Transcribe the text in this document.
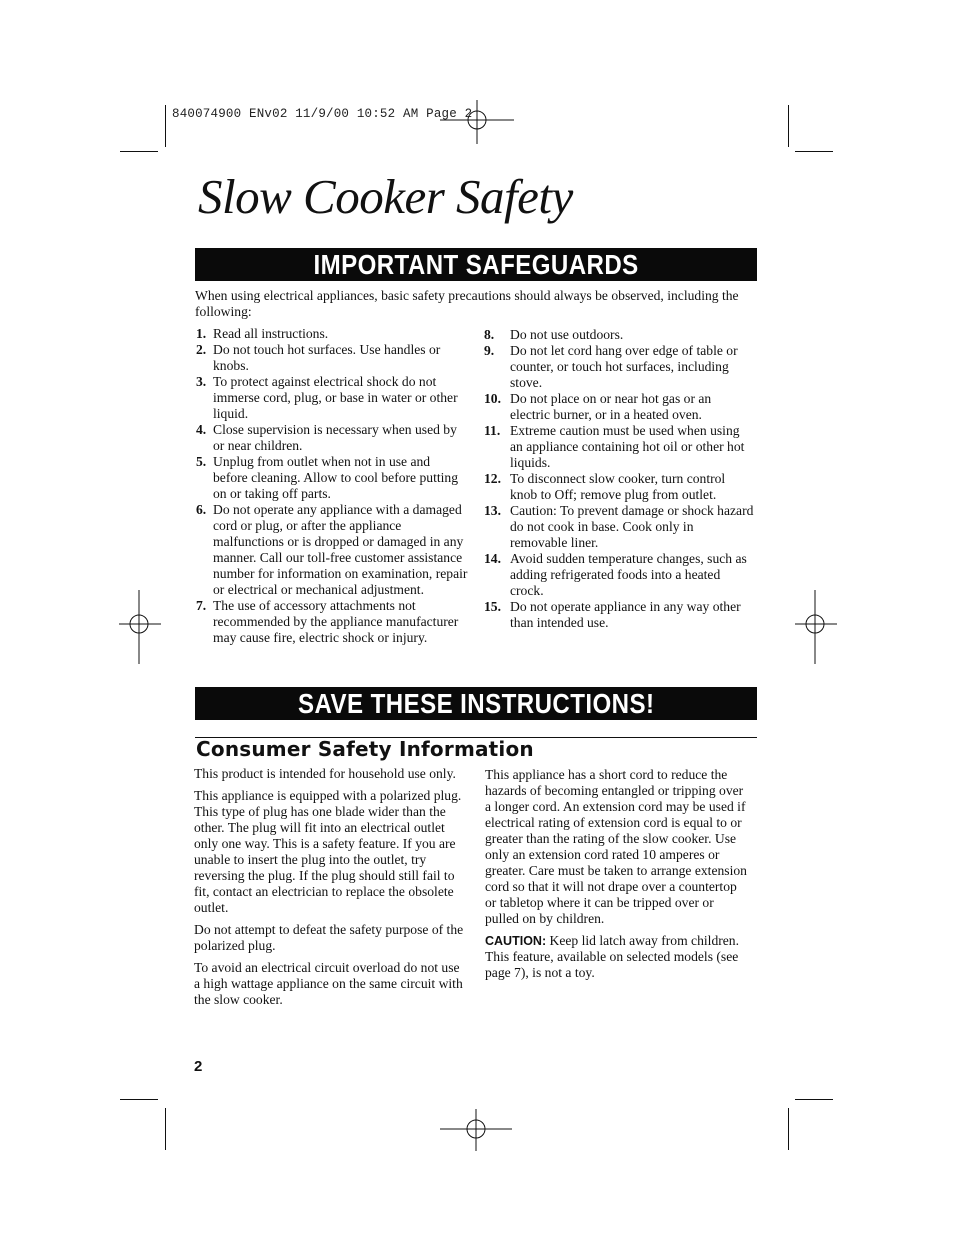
840074900 ENv02 11/9/00 10:52 AM Page 2
Slow Cooker Safety
IMPORTANT SAFEGUARDS
When using electrical appliances, basic safety precautions should always be observed, including the following:
1. Read all instructions.
2. Do not touch hot surfaces. Use handles or knobs.
3. To protect against electrical shock do not immerse cord, plug, or base in water or other liquid.
4. Close supervision is necessary when used by or near children.
5. Unplug from outlet when not in use and before cleaning. Allow to cool before putting on or taking off parts.
6. Do not operate any appliance with a damaged cord or plug, or after the appliance malfunctions or is dropped or damaged in any manner. Call our toll-free customer assistance number for information on examination, repair or electrical or mechanical adjustment.
7. The use of accessory attachments not recommended by the appliance manufacturer may cause fire, electric shock or injury.
8. Do not use outdoors.
9. Do not let cord hang over edge of table or counter, or touch hot surfaces, including stove.
10. Do not place on or near hot gas or an electric burner, or in a heated oven.
11. Extreme caution must be used when using an appliance containing hot oil or other hot liquids.
12. To disconnect slow cooker, turn control knob to Off; remove plug from outlet.
13. Caution: To prevent damage or shock hazard do not cook in base. Cook only in removable liner.
14. Avoid sudden temperature changes, such as adding refrigerated foods into a heated crock.
15. Do not operate appliance in any way other than intended use.
SAVE THESE INSTRUCTIONS!
Consumer Safety Information

This product is intended for household use only.

This appliance is equipped with a polarized plug. This type of plug has one blade wider than the other. The plug will fit into an electrical outlet only one way. This is a safety feature. If you are unable to insert the plug into the outlet, try reversing the plug. If the plug should still fail to fit, contact an electrician to replace the obsolete outlet.

Do not attempt to defeat the safety purpose of the polarized plug.

To avoid an electrical circuit overload do not use a high wattage appliance on the same circuit with the slow cooker.

This appliance has a short cord to reduce the hazards of becoming entangled or tripping over a longer cord. An extension cord may be used if electrical rating of extension cord is equal to or greater than the rating of the slow cooker. Use only an extension cord rated 10 amperes or greater. Care must be taken to arrange extension cord so that it will not drape over a countertop or tabletop where it can be tripped over or pulled on by children.

CAUTION: Keep lid latch away from children. This feature, available on selected models (see page 7), is not a toy.

2
